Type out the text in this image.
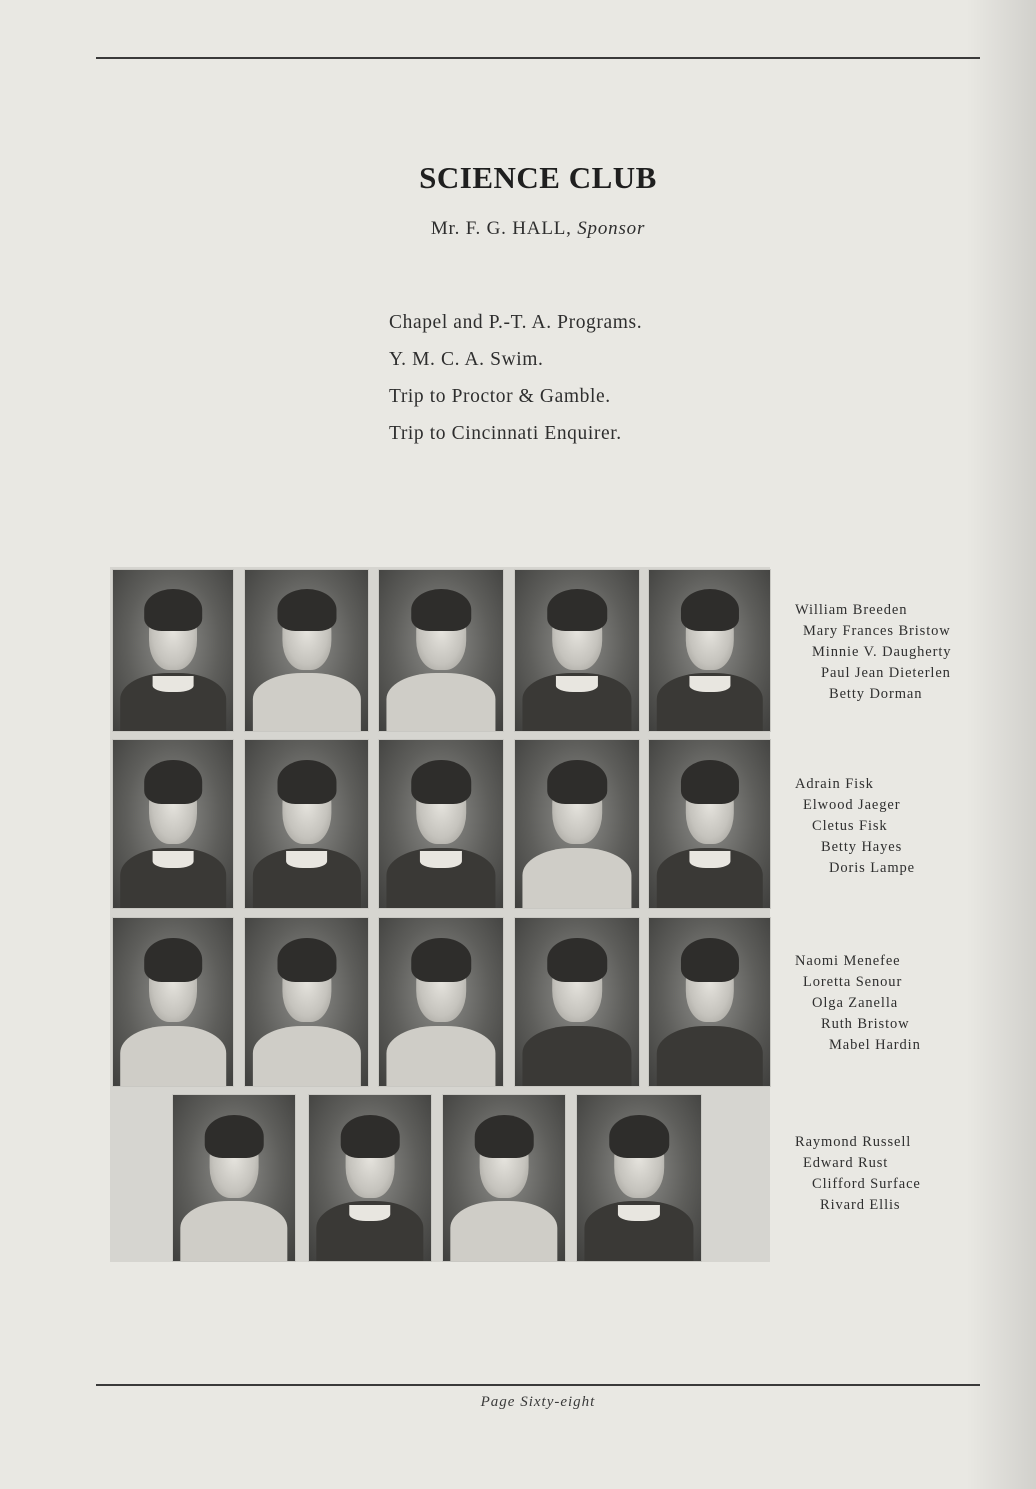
SCIENCE CLUB
Mr. F. G. HALL, Sponsor
Chapel and P.-T. A. Programs.
Y. M. C. A. Swim.
Trip to Proctor & Gamble.
Trip to Cincinnati Enquirer.
William Breeden
Mary Frances Bristow
Minnie V. Daugherty
Paul Jean Dieterlen
Betty Dorman
Adrain Fisk
Elwood Jaeger
Cletus Fisk
Betty Hayes
Doris Lampe
Naomi Menefee
Loretta Senour
Olga Zanella
Ruth Bristow
Mabel Hardin
Raymond Russell
Edward Rust
Clifford Surface
Rivard Ellis
Page Sixty-eight
